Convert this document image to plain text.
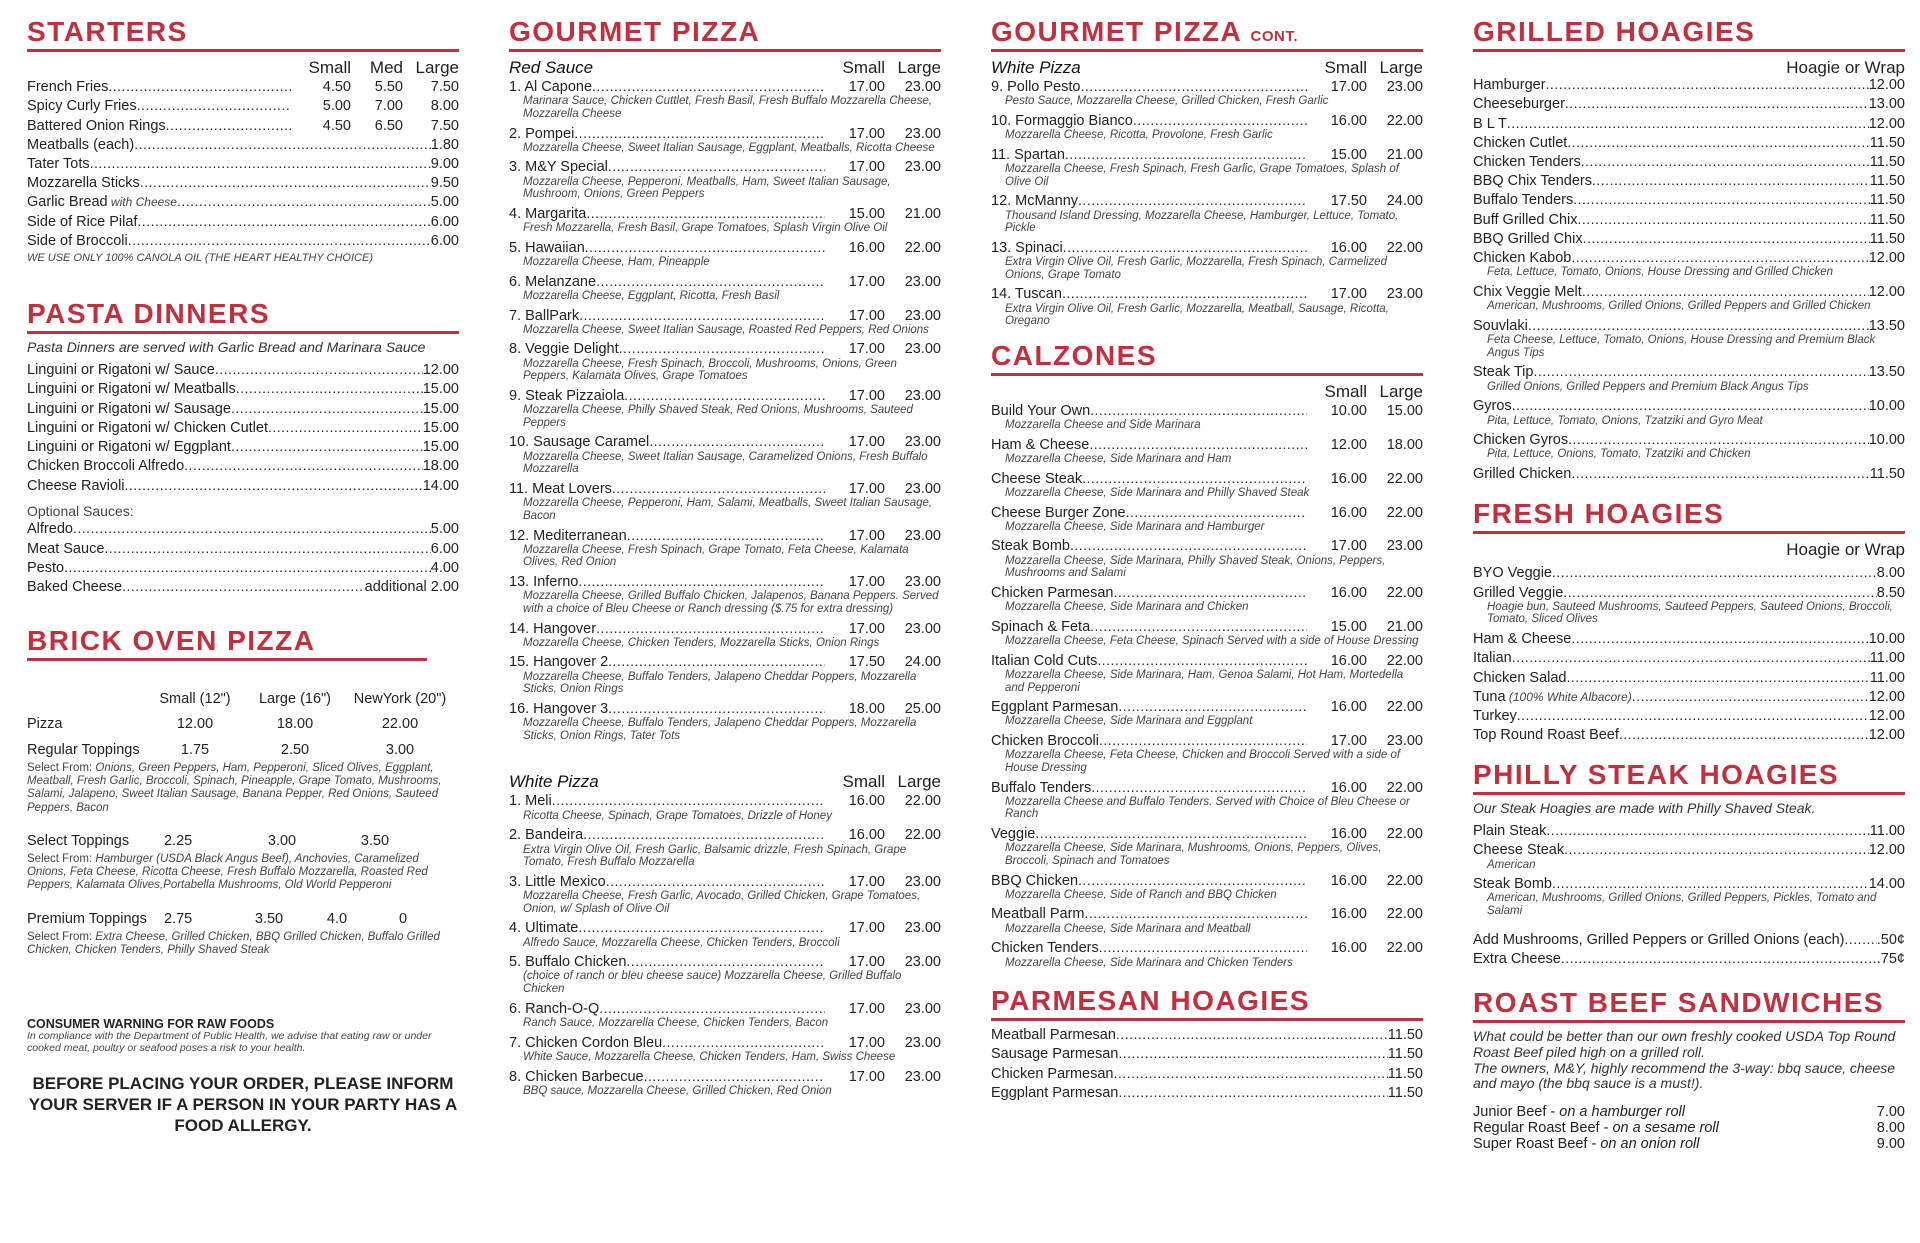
STARTERS
Small	Med Large
French Fries .....	4.50	5.50	7.50
Spicy Curly Fries .....	5.00	7.00	8.00
Battered Onion Rings .....	4.50	6.50	7.50
Meatballs (each) .....	1.80
Tater Tots .....	9.00
Mozzarella Sticks .....	9.50
Garlic Bread with Cheese .....	5.00
Side of Rice Pilaf .....	6.00
Side of Broccoli .....	6.00
WE USE ONLY 100% CANOLA OIL (THE HEART HEALTHY CHOICE)
PASTA DINNERS
Pasta Dinners are served with Garlic Bread and Marinara Sauce
Linguini or Rigatoni w/ Sauce .....	12.00
Linguini or Rigatoni w/ Meatballs .....	15.00
Linguini or Rigatoni w/ Sausage .....	15.00
Linguini or Rigatoni w/ Chicken Cutlet .....	15.00
Linguini or Rigatoni w/ Eggplant .....	15.00
Chicken Broccoli Alfredo .....	18.00
Cheese Ravioli .....	14.00
Optional Sauces:
Alfredo .....	5.00
Meat Sauce .....	6.00
Pesto .....	4.00
Baked Cheese .....	additional 2.00
BRICK OVEN PIZZA
	Small (12")	Large (16")	NewYork (20")
Pizza	12.00	18.00	22.00
Regular Toppings	1.75	2.50	3.00
Select From: Onions, Green Peppers, Ham, Pepperoni, Sliced Olives, Eggplant, Meatball, Fresh Garlic, Broccoli, Spinach, Pineapple, Grape Tomato, Mushrooms, Salami, Jalapeno, Sweet Italian Sausage, Banana Pepper, Red Onions, Sauteed Peppers, Bacon
Select Toppings	2.25	3.00	3.50
Select From: Hamburger (USDA Black Angus Beef), Anchovies, Caramelized Onions, Feta Cheese, Ricotta Cheese, Fresh Buffalo Mozzarella, Roasted Red Peppers, Kalamata Olives,Portabella Mushrooms, Old World Pepperoni
Premium Toppings	2.75	3.50	4.0	0
Select From: Extra Cheese, Grilled Chicken, BBQ Grilled Chicken, Buffalo Grilled Chicken, Chicken Tenders, Philly Shaved Steak
CONSUMER WARNING FOR RAW FOODS
In compliance with the Department of Public Health, we advise that eating raw or under cooked meat, poultry or seafood poses a risk to your health.
BEFORE PLACING YOUR ORDER, PLEASE INFORM YOUR SERVER IF A PERSON IN YOUR PARTY HAS A FOOD ALLERGY.
GOURMET PIZZA
Red Sauce	Small Large
1. Al Capone .....	17.00	23.00
Marinara Sauce, Chicken Cuttlet, Fresh Basil, Fresh Buffalo Mozzarella Cheese, Mozzarella Cheese
2. Pompei .....	17.00	23.00
Mozzarella Cheese, Sweet Italian Sausage, Eggplant, Meatballs, Ricotta Cheese
3. M&Y Special .....	17.00	23.00
Mozzarella Cheese, Pepperoni, Meatballs, Ham, Sweet Italian Sausage, Mushroom, Onions, Green Peppers
4. Margarita .....	15.00	21.00
Fresh Mozzarella, Fresh Basil, Grape Tomatoes, Splash Virgin Olive Oil
5. Hawaiian .....	16.00	22.00
Mozzarella Cheese, Ham, Pineapple
6. Melanzane .....	17.00	23.00
Mozzarella Cheese, Eggplant, Ricotta, Fresh Basil
7. BallPark .....	17.00	23.00
Mozzarella Cheese, Sweet Italian Sausage, Roasted Red Peppers, Red Onions
8. Veggie Delight .....	17.00	23.00
Mozzarella Cheese, Fresh Spinach, Broccoli, Mushrooms, Onions, Green Peppers, Kalamata Olives, Grape Tomatoes
9. Steak Pizzaiola .....	17.00	23.00
Mozzarella Cheese, Philly Shaved Steak, Red Onions, Mushrooms, Sauteed Peppers
10. Sausage Caramel .....	17.00	23.00
Mozzarella Cheese, Sweet Italian Sausage, Caramelized Onions, Fresh Buffalo Mozzarella
11. Meat Lovers .....	17.00	23.00
Mozzarella Cheese, Pepperoni, Ham, Salami, Meatballs, Sweet Italian Sausage, Bacon
12. Mediterranean .....	17.00	23.00
Mozzarella Cheese, Fresh Spinach, Grape Tomato, Feta Cheese, Kalamata Olives, Red Onion
13. Inferno .....	17.00	23.00
Mozzarella Cheese, Grilled Buffalo Chicken, Jalapenos, Banana Peppers. Served with a choice of Bleu Cheese or Ranch dressing ($.75 for extra dressing)
14. Hangover .....	17.00	23.00
Mozzarella Cheese, Chicken Tenders, Mozzarella Sticks, Onion Rings
15. Hangover 2 .....	17.50	24.00
Mozzarella Cheese, Buffalo Tenders, Jalapeno Cheddar Poppers, Mozzarella Sticks, Onion Rings
16. Hangover 3 .....	18.00	25.00
Mozzarella Cheese, Buffalo Tenders, Jalapeno Cheddar Poppers, Mozzarella Sticks, Onion Rings, Tater Tots
White Pizza	Small Large
1. Meli .....	16.00	22.00
Ricotta Cheese, Spinach, Grape Tomatoes, Drizzle of Honey
2. Bandeira .....	16.00	22.00
Extra Virgin Olive Oil, Fresh Garlic, Balsamic drizzle, Fresh Spinach, Grape Tomato, Fresh Buffalo Mozzarella
3. Little Mexico .....	17.00	23.00
Mozzarella Cheese, Fresh Garlic, Avocado, Grilled Chicken, Grape Tomatoes, Onion, w/ Splash of Olive Oil
4. Ultimate .....	17.00	23.00
Alfredo Sauce, Mozzarella Cheese, Chicken Tenders, Broccoli
5. Buffalo Chicken .....	17.00	23.00
(choice of ranch or bleu cheese sauce) Mozzarella Cheese, Grilled Buffalo Chicken
6. Ranch-O-Q .....	17.00	23.00
Ranch Sauce, Mozzarella Cheese, Chicken Tenders, Bacon
7. Chicken Cordon Bleu .....	17.00	23.00
White Sauce, Mozzarella Cheese, Chicken Tenders, Ham, Swiss Cheese
8. Chicken Barbecue .....	17.00	23.00
BBQ sauce, Mozzarella Cheese, Grilled Chicken, Red Onion
GOURMET PIZZA CONT.
White Pizza	Small Large
9. Pollo Pesto .....	17.00	23.00
Pesto Sauce, Mozzarella Cheese, Grilled Chicken, Fresh Garlic
10. Formaggio Bianco .....	16.00	22.00
Mozzarella Cheese, Ricotta, Provolone, Fresh Garlic
11. Spartan .....	15.00	21.00
Mozzarella Cheese, Fresh Spinach, Fresh Garlic, Grape Tomatoes, Splash of Olive Oil
12. McManny .....	17.50	24.00
Thousand Island Dressing, Mozzarella Cheese, Hamburger, Lettuce, Tomato, Pickle
13. Spinaci .....	16.00	22.00
Extra Virgin Olive Oil, Fresh Garlic, Mozzarella, Fresh Spinach, Carmelized Onions, Grape Tomato
14. Tuscan .....	17.00	23.00
Extra Virgin Olive Oil, Fresh Garlic, Mozzarella, Meatball, Sausage, Ricotta, Oregano
CALZONES
Small Large
Build Your Own .....	10.00	15.00
Mozzarella Cheese and Side Marinara
Ham & Cheese .....	12.00	18.00
Mozzarella Cheese, Side Marinara and Ham
Cheese Steak .....	16.00	22.00
Mozzarella Cheese, Side Marinara and Philly Shaved Steak
Cheese Burger Zone .....	16.00	22.00
Mozzarella Cheese, Side Marinara and Hamburger
Steak Bomb .....	17.00	23.00
Mozzarella Cheese, Side Marinara, Philly Shaved Steak, Onions, Peppers, Mushrooms and Salami
Chicken Parmesan .....	16.00	22.00
Mozzarella Cheese, Side Marinara and Chicken
Spinach & Feta .....	15.00	21.00
Mozzarella Cheese, Feta Cheese, Spinach Served with a side of House Dressing
Italian Cold Cuts .....	16.00	22.00
Mozzarella Cheese, Side Marinara, Ham, Genoa Salami, Hot Ham, Mortedella and Pepperoni
Eggplant Parmesan .....	16.00	22.00
Mozzarella Cheese, Side Marinara and Eggplant
Chicken Broccoli .....	17.00	23.00
Mozzarella Cheese, Feta Cheese, Chicken and Broccoli Served with a side of House Dressing
Buffalo Tenders .....	16.00	22.00
Mozzarella Cheese and Buffalo Tenders. Served with Choice of Bleu Cheese or Ranch
Veggie .....	16.00	22.00
Mozzarella Cheese, Side Marinara, Mushrooms, Onions, Peppers, Olives, Broccoli, Spinach and Tomatoes
BBQ Chicken .....	16.00	22.00
Mozzarella Cheese, Side of Ranch and BBQ Chicken
Meatball Parm .....	16.00	22.00
Mozzarella Cheese, Side Marinara and Meatball
Chicken Tenders .....	16.00	22.00
Mozzarella Cheese, Side Marinara and Chicken Tenders
PARMESAN HOAGIES
Meatball Parmesan .....	11.50
Sausage Parmesan .....	11.50
Chicken Parmesan .....	11.50
Eggplant Parmesan .....	11.50
GRILLED HOAGIES
Hoagie or Wrap
Hamburger .....	12.00
Cheeseburger .....	13.00
B L T .....	12.00
Chicken Cutlet .....	11.50
Chicken Tenders .....	11.50
BBQ Chix Tenders .....	11.50
Buffalo Tenders .....	11.50
Buff Grilled Chix .....	11.50
BBQ Grilled Chix .....	11.50
Chicken Kabob .....	12.00
Feta, Lettuce, Tomato, Onions, House Dressing and Grilled Chicken
Chix Veggie Melt .....	12.00
American, Mushrooms, Grilled Onions, Grilled Peppers and Grilled Chicken
Souvlaki .....	13.50
Feta Cheese, Lettuce, Tomato, Onions, House Dressing and Premium Black Angus Tips
Steak Tip .....	13.50
Grilled Onions, Grilled Peppers and Premium Black Angus Tips
Gyros .....	10.00
Pita, Lettuce, Tomato, Onions, Tzatziki and Gyro Meat
Chicken Gyros .....	10.00
Pita, Lettuce, Onions, Tomato, Tzatziki and Chicken
Grilled Chicken .....	11.50
FRESH HOAGIES
Hoagie or Wrap
BYO Veggie .....	8.00
Grilled Veggie .....	8.50
Hoagie bun, Sauteed Mushrooms, Sauteed Peppers, Sauteed Onions, Broccoli, Tomato, Sliced Olives
Ham & Cheese .....	10.00
Italian .....	11.00
Chicken Salad .....	11.00
Tuna (100% White Albacore) .....	12.00
Turkey .....	12.00
Top Round Roast Beef .....	12.00
PHILLY STEAK HOAGIES
Our Steak Hoagies are made with Philly Shaved Steak.
Plain Steak .....	11.00
Cheese Steak .....	12.00
American
Steak Bomb .....	14.00
American, Mushrooms, Grilled Onions, Grilled Peppers, Pickles, Tomato and Salami
Add Mushrooms, Grilled Peppers or Grilled Onions (each) ..... .50¢
Extra Cheese .....	.75¢
ROAST BEEF SANDWICHES
What could be better than our own freshly cooked USDA Top Round Roast Beef piled high on a grilled roll.
The owners, M&Y, highly recommend the 3-way: bbq sauce, cheese and mayo (the bbq sauce is a must!).
Junior Beef - on a hamburger roll	7.00
Regular Roast Beef - on a sesame roll	8.00
Super Roast Beef - on an onion roll	9.00
